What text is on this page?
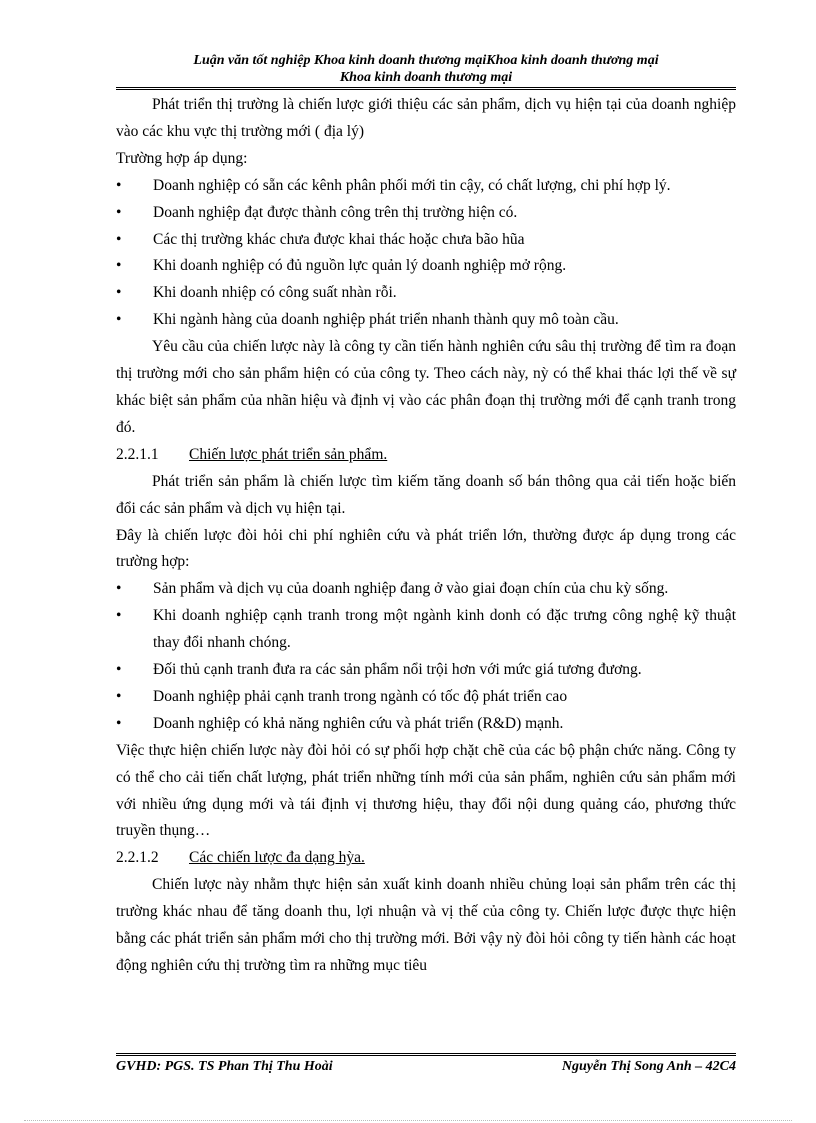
Luận văn tốt nghiệp Khoa kinh doanh thương mạiKhoa kinh doanh thương mại
Khoa kinh doanh thương mại

Phát triển thị trường là chiến lược giới thiệu các sản phẩm, dịch vụ hiện tại của doanh nghiệp vào các khu vực thị trường mới ( địa lý)

Trường hợp áp dụng:

• Doanh nghiệp có sẵn các kênh phân phối mới tin cậy, có chất lượng, chi phí hợp lý.

• Doanh nghiệp đạt được thành công trên thị trường hiện có.

• Các thị trường khác chưa được khai thác hoặc chưa bão hũa

• Khi doanh nghiệp có đủ nguồn lực quản lý doanh nghiệp mở rộng.

• Khi doanh nhiệp có công suất nhàn rỗi.

• Khi ngành hàng của doanh nghiệp phát triển nhanh thành quy mô toàn cầu.

Yêu cầu của chiến lược này là công ty cần tiến hành nghiên cứu sâu thị trường để tìm ra đoạn thị trường mới cho sản phẩm hiện có của công ty. Theo cách này, nỳ có thể khai thác lợi thế về sự khác biệt sản phẩm của nhãn hiệu và định vị vào các phân đoạn thị trường mới để cạnh tranh trong đó.

2.2.1.1	Chiến lược phát triển sản phẩm.

Phát triển sản phẩm là chiến lược tìm kiếm tăng doanh số bán thông qua cải tiến hoặc biến đổi các sản phẩm và dịch vụ hiện tại.

Đây là chiến lược đòi hỏi chi phí nghiên cứu và phát triển lớn, thường được áp dụng trong các trường hợp:

• Sản phẩm và dịch vụ của doanh nghiệp đang ở vào giai đoạn chín của chu kỳ sống.

• Khi doanh nghiệp cạnh tranh trong một ngành kinh donh có đặc trưng công nghệ kỹ thuật thay đổi nhanh chóng.

• Đối thủ cạnh tranh đưa ra các sản phẩm nổi trội hơn với mức giá tương đương.

• Doanh nghiệp phải cạnh tranh trong ngành có tốc độ phát triển cao

• Doanh nghiệp có khả năng nghiên cứu và phát triển (R&D) mạnh.

Việc thực hiện chiến lược này đòi hỏi có sự phối hợp chặt chẽ của các bộ phận chức năng. Công ty có thể cho cải tiến chất lượng, phát triển những tính mới của sản phẩm, nghiên cứu sản phẩm mới với nhiều ứng dụng mới và tái định vị thương hiệu, thay đổi nội dung quảng cáo, phương thức truyền thụng…

2.2.1.2	Các chiến lược đa dạng hỳa.

Chiến lược này nhằm thực hiện sản xuất kinh doanh nhiều chủng loại sản phẩm trên các thị trường khác nhau để tăng doanh thu, lợi nhuận và vị thế của công ty. Chiến lược được thực hiện bằng các phát triển sản phẩm mới cho thị trường mới. Bởi vậy nỳ đòi hỏi công ty tiến hành các hoạt động nghiên cứu thị trường tìm ra những mục tiêu

GVHD: PGS. TS Phan Thị Thu Hoài	Nguyễn Thị Song Anh – 42C4
